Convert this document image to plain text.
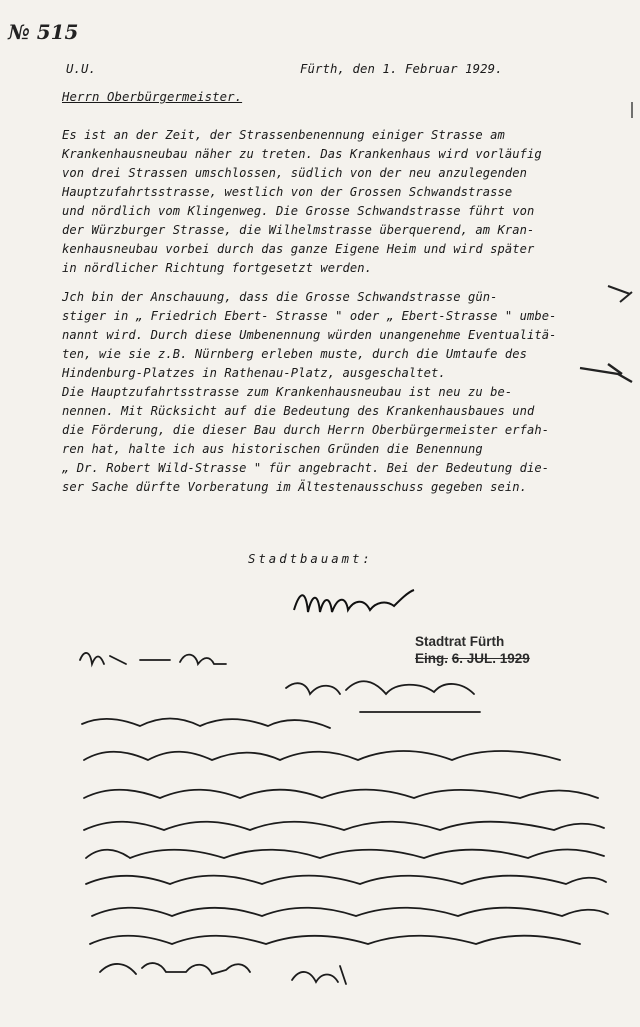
№ 515
U.U.	Fürth, den 1. Februar 1929.
Herrn Oberbürgermeister.
Es ist an der Zeit, der Strassenbenennung einiger Strasse am
Krankenhausneubau näher zu treten. Das Krankenhaus wird vorläufig
von drei Strassen umschlossen, südlich von der neu anzulegenden
Hauptzufahrtsstrasse, westlich von der Grossen Schwandstrasse
und nördlich vom Klingenweg. Die Grosse Schwandstrasse führt von
der Würzburger Strasse, die Wilhelmstrasse überquerend, am Kran-
kenhausneubau vorbei durch das ganze Eigene Heim und wird später
in nördlicher Richtung fortgesetzt werden.
Jch bin der Anschauung, dass die Grosse Schwandstrasse gün-
stiger in „ Friedrich Ebert- Strasse " oder „ Ebert-Strasse " umbe-
nannt wird. Durch diese Umbenennung würden unangenehme Eventualitä-
ten, wie sie z.B. Nürnberg erleben muste, durch die Umtaufe des
Hindenburg-Platzes in Rathenau-Platz, ausgeschaltet.
Die Hauptzufahrtsstrasse zum Krankenhausneubau ist neu zu be-
nennen. Mit Rücksicht auf die Bedeutung des Krankenhausbaues und
die Förderung, die dieser Bau durch Herrn Oberbürgermeister erfah-
ren hat, halte ich aus historischen Gründen die Benennung
„ Dr. Robert Wild-Strasse " für angebracht. Bei der Bedeutung die-
ser Sache dürfte Vorberatung im Ältestenausschuss gegeben sein.
Stadtbauamt:
Stadtrat Fürth
Eing. 6. JUL. 1929
